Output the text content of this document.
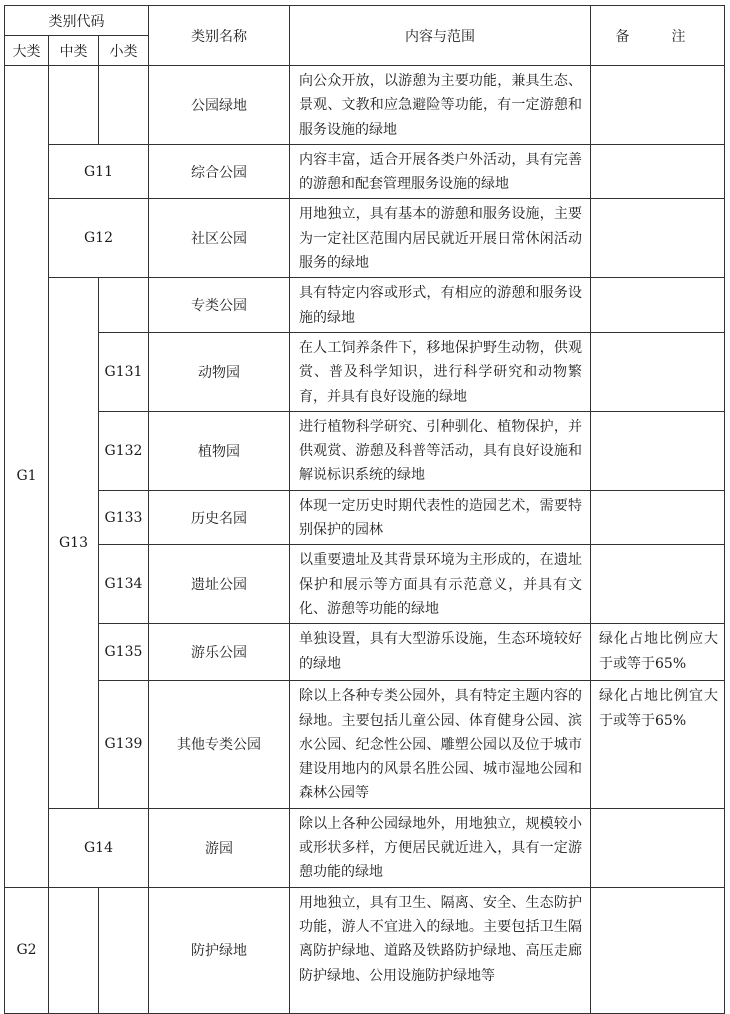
类别代码			类别名称	内容与范围	备　注
大类	中类	小类			
G1			公园绿地	向公众开放，以游憩为主要功能，兼具生态、景观、文教和应急避险等功能，有一定游憩和服务设施的绿地	
	G11		综合公园	内容丰富，适合开展各类户外活动，具有完善的游憩和配套管理服务设施的绿地	
	G12		社区公园	用地独立，具有基本的游憩和服务设施，主要为一定社区范围内居民就近开展日常休闲活动服务的绿地	
	G13		专类公园	具有特定内容或形式，有相应的游憩和服务设施的绿地	
		G131	动物园	在人工饲养条件下，移地保护野生动物，供观赏、普及科学知识，进行科学研究和动物繁育，并具有良好设施的绿地	
		G132	植物园	进行植物科学研究、引种驯化、植物保护，并供观赏、游憩及科普等活动，具有良好设施和解说标识系统的绿地	
		G133	历史名园	体现一定历史时期代表性的造园艺术，需要特别保护的园林	
		G134	遗址公园	以重要遗址及其背景环境为主形成的，在遗址保护和展示等方面具有示范意义，并具有文化、游憩等功能的绿地	
		G135	游乐公园	单独设置，具有大型游乐设施，生态环境较好的绿地	绿化占地比例应大于或等于65%
		G139	其他专类公园	除以上各种专类公园外，具有特定主题内容的绿地。主要包括儿童公园、体育健身公园、滨水公园、纪念性公园、雕塑公园以及位于城市建设用地内的风景名胜公园、城市湿地公园和森林公园等	绿化占地比例宜大于或等于65%
	G14		游园	除以上各种公园绿地外，用地独立，规模较小或形状多样，方便居民就近进入，具有一定游憩功能的绿地	
G2			防护绿地	用地独立，具有卫生、隔离、安全、生态防护功能，游人不宜进入的绿地。主要包括卫生隔离防护绿地、道路及铁路防护绿地、高压走廊防护绿地、公用设施防护绿地等	
